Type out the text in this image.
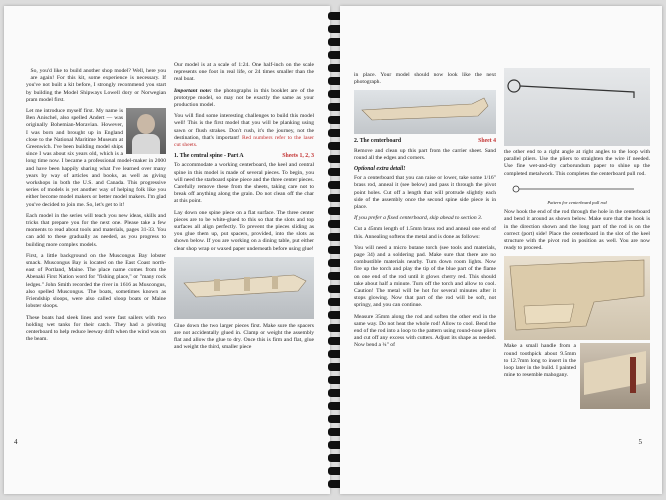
So, you'd like to build another shop model? Well, here you are again! For this kit, some experience is necessary. If you've not built a kit before, I strongly recommend you start by building the Model Shipways Lowell dory or Norwegian pram model first.

Let me introduce myself first. My name is Ben Anischel, also spelled Andert — was originally Bohemian-Moravian. However, I was born and brought up in England close to the National Maritime Museum at Greenwich. I've been building model ships since I was about six years old, which is a long time now. I became a professional model-maker in 2000 and have been happily sharing what I've learned over many years by way of articles and books, as well as giving workshops in both the U.S. and Canada. This progressive series of models is yet another way of helping folk like you either become model makers or better model makers. I'm glad you've decided to join me. So, let's get to it!

Each model in the series will teach you new ideas, skills and tricks that prepare you for the next one. Please take a few moments to read about tools and materials, pages 31-33. You can add to these gradually as needed, as you progress to building more complex models.

First, a little background on the Muscongus Bay lobster smack. Muscongus Bay is located on the East Coast north-east of Portland, Maine. The place name comes from the Abenaki First Nation word for "fishing place," or "many rock ledges." John Smith recorded the river in 1616 as Muscongus, also spelled Muscongus. The boats, sometimes known as Friendship sloops, were also called sloop boats or Maine lobster sloops.

These boats had sleek lines and were fast sailers with two holding wet tanks for their catch. They had a pivoting centerboard to help reduce leeway drift when the wind was on the beam.

Our model is at a scale of 1:24. One half-inch on the scale represents one foot in real life, or 24 times smaller than the real boat.

Important note: the photographs in this booklet are of the prototype model, so may not be exactly the same as your production model.

You will find some interesting challenges to build this model well! This is the first model that you will be planking using sawn or flush strakes. Don't rush, it's the journey, not the destination, that's important! Red numbers refer to the laser cut sheets.

1. The central spine - Part A	Sheets 1, 2, 3

To accommodate a working centerboard, the keel and central spine in this model is made of several pieces. To begin, you will need the starboard spine piece and the three center pieces. Carefully remove these from the sheets, taking care not to break off anything along the grain. Do not clean off the char at this point.

Lay down one spine piece on a flat surface. The three center pieces are to be white-glued to this so that the slots and top surfaces all align perfectly. To prevent the pieces sliding as you glue them up, put spacers, provided, into the slots as shown below. If you are working on a dining table, put either clear shop wrap or waxed paper underneath before using glue!

Glue down the two larger pieces first. Make sure the spacers are not accidentally glued in. Clamp or weight the assembly flat and allow the glue to dry. Once this is firm and flat, glue and weight the third, smaller piece

4

in place. Your model should now look like the next photograph.

2. The centerboard	Sheet 4

Remove and clean up this part from the carrier sheet. Sand round all the edges and corners.

Optional extra detail!

For a centerboard that you can raise or lower, take some 1/16" brass rod, anneal it (see below) and pass it through the pivot point holes. Cut off a length that will protrude slightly each side of the assembly once the second spine side piece is in place.

If you prefer a fixed centerboard, skip ahead to section 3.

Cut a 45mm length of 1.5mm brass rod and anneal one end of this. Annealing softens the metal and is done as follows:

You will need a micro butane torch (see tools and materials, page 34) and a soldering pad. Make sure that there are no combustible materials nearby. Turn down room lights. Now fire up the torch and play the tip of the blue part of the flame on one end of the rod until it glows cherry red. This should take about half a minute. Turn off the torch and allow to cool. Caution! The metal will be hot for several minutes after it stops glowing. Now that part of the rod will be soft, not springy, and you can continue.

Measure 35mm along the rod and soften the other end in the same way. Do not heat the whole rod! Allow to cool. Bend the end of the rod into a loop to the pattern using round-nose pliers and cut off any excess with cutters. Adjust its shape as needed. Now bend a ¼" of

the other end to a right angle at right angles to the loop with parallel pliers. Use the pliers to straighten the wire if needed. Use fine wet-and-dry carborundum paper to shine up the completed metalwork. This completes the centerboard pull rod.

Pattern for centerboard pull rod

Now hook the end of the rod through the hole in the centerboard and bend it around as shown below. Make sure that the hook is in the direction shown and the long part of the rod is on the correct (port) side! Place the centerboard in the slot of the keel structure with the pivot rod in position as well. You are now ready to proceed.

Make a small handle from a round toothpick about 9.5mm to 12.7mm long to insert in the loop later in the build. I painted mine to resemble mahogany.

5
